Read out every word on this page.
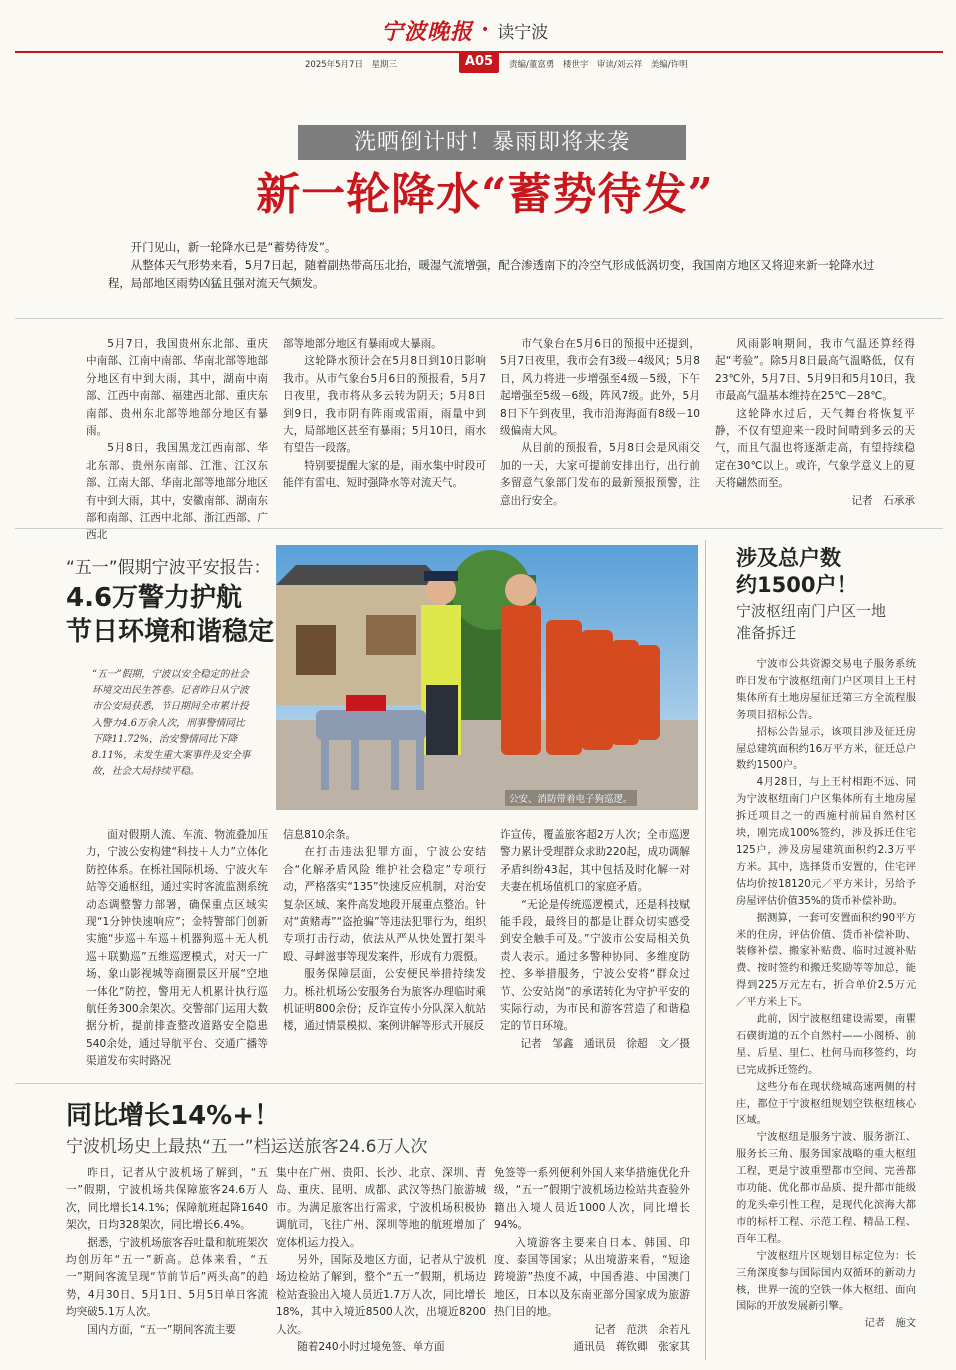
宁波晚报 • 读宁波
2025年5月7日　星期三	A05	责编/董富勇　楼世宇　审读/刘云祥　美编/许明
洗晒倒计时！暴雨即将来袭
新一轮降水“蓄势待发”

开门见山，新一轮降水已是“蓄势待发”。

从整体天气形势来看，5月7日起，随着副热带高压北抬，暖湿气流增强，配合渗透南下的冷空气形成低涡切变，我国南方地区又将迎来新一轮降水过程，局部地区雨势凶猛且强对流天气频发。

5月7日，我国贵州东北部、重庆中南部、江南中南部、华南北部等地部分地区有中到大雨，其中，湖南中南部、江西中南部、福建西北部、重庆东南部、贵州东北部等地部分地区有暴雨。

5月8日，我国黑龙江西南部、华北东部、贵州东南部、江淮、江汉东部、江南大部、华南北部等地部分地区有中到大雨，其中，安徽南部、湖南东部和南部、江西中北部、浙江西部、广西北

部等地部分地区有暴雨或大暴雨。

这轮降水预计会在5月8日到10日影响我市。从市气象台5月6日的预报看，5月7日夜里，我市将从多云转为阴天；5月8日到9日，我市阴有阵雨或雷雨，雨量中到大，局部地区甚至有暴雨；5月10日，雨水有望告一段落。

特别要提醒大家的是，雨水集中时段可能伴有雷电、短时强降水等对流天气。

市气象台在5月6日的预报中还提到，5月7日夜里，我市会有3级－4级风；5月8日，风力将进一步增强至4级－5级，下午起增强至5级－6级，阵风7级。此外，5月8日下午到夜里，我市沿海海面有8级－10级偏南大风。

从目前的预报看，5月8日会是风雨交加的一天，大家可提前安排出行，出行前多留意气象部门发布的最新预报预警，注意出行安全。

风雨影响期间，我市气温还算经得起“考验”。除5月8日最高气温略低，仅有23℃外，5月7日、5月9日和5月10日，我市最高气温基本维持在25℃－28℃。

这轮降水过后，天气舞台将恢复平静，不仅有望迎来一段时间晴到多云的天气，而且气温也将逐渐走高，有望持续稳定在30℃以上。或许，气象学意义上的夏天将翩然而至。

记者　石承承
“五一”假期宁波平安报告：
4.6万警力护航
节日环境和谐稳定
“五一”假期，宁波以安全稳定的社会环境交出民生答卷。记者昨日从宁波市公安局获悉，节日期间全市累计投入警力4.6万余人次，刑事警情同比下降11.72%，治安警情同比下降8.11%，未发生重大案事件及安全事故，社会大局持续平稳。
公安、消防带着电子狗巡逻。

面对假期人流、车流、物流叠加压力，宁波公安构建“科技＋人力”立体化防控体系。在栎社国际机场、宁波火车站等交通枢纽，通过实时客流监测系统动态调整警力部署，确保重点区域实现“1分钟快速响应”；金特警部门创新实施“步巡＋车巡＋机器狗巡＋无人机巡＋联勤巡”五维巡逻模式，对天一广场、象山影视城等商圈景区开展“空地一体化”防控，警用无人机累计执行巡航任务300余架次。交警部门运用大数据分析，提前排查整改道路安全隐患540余处，通过导航平台、交通广播等渠道发布实时路况

信息810余条。

在打击违法犯罪方面，宁波公安结合“化解矛盾风险 维护社会稳定”专项行动，严格落实“135”快速反应机制，对治安复杂区域、案件高发地段开展重点整治。针对“黄赌毒”“盗抢骗”等违法犯罪行为，组织专项打击行动，依法从严从快处置打架斗殴、寻衅滋事等现发案件，形成有力震慑。

服务保障层面，公安便民举措持续发力。栎社机场公安服务台为旅客办理临时乘机证明800余份；反诈宣传小分队深入航站楼，通过情景模拟、案例讲解等形式开展反

诈宣传，覆盖旅客超2万人次；全市巡逻警力累计受理群众求助220起，成功调解矛盾纠纷43起，其中包括及时化解一对夫妻在机场值机口的家庭矛盾。

“无论是传统巡逻模式，还是科技赋能手段，最终目的都是让群众切实感受到安全触手可及。”宁波市公安局相关负责人表示。通过多警种协同、多维度防控、多举措服务，宁波公安将“群众过节、公安站岗”的承诺转化为守护平安的实际行动，为市民和游客营造了和谐稳定的节日环境。

记者　邹鑫　通讯员　徐超　文／摄
同比增长14%+！
宁波机场史上最热“五一”档运送旅客24.6万人次

昨日，记者从宁波机场了解到，“五一”假期，宁波机场共保障旅客24.6万人次，同比增长14.1%；保障航班起降1640架次，日均328架次，同比增长6.4%。

据悉，宁波机场旅客吞吐量和航班架次均创历年“五一”新高。总体来看，“五一”期间客流呈现“节前节后”两头高”的趋势，4月30日、5月1日、5月5日单日客流均突破5.1万人次。

国内方面，“五一”期间客流主要

集中在广州、贵阳、长沙、北京、深圳、青岛、重庆、昆明、成都、武汉等热门旅游城市。为满足旅客出行需求，宁波机场积极协调航司，飞往广州、深圳等地的航班增加了宽体机运力投入。

另外，国际及地区方面，记者从宁波机场边检站了解到，整个“五一”假期，机场边检站查验出入境人员近1.7万人次，同比增长18%，其中入境近8500人次，出境近8200人次。

随着240小时过境免签、单方面

免签等一系列便利外国人来华措施优化升级，“五一”假期宁波机场边检站共查验外籍出入境人员近1000人次，同比增长94%。

入境游客主要来自日本、韩国、印度、泰国等国家；从出境游来看，“短途跨境游”热度不减，中国香港、中国澳门地区，日本以及东南亚部分国家成为旅游热门目的地。

记者　范洪　余若凡
通讯员　蒋钦卿　张家其
涉及总户数
约1500户！
宁波枢纽南门户区一地
准备拆迁

宁波市公共资源交易电子服务系统昨日发布宁波枢纽南门户区项目上王村集体所有土地房屋征迁第三方全流程服务项目招标公告。

招标公告显示，该项目涉及征迁房屋总建筑面积约16万平方米，征迁总户数约1500户。

4月28日，与上王村相距不远、同为宁波枢纽南门户区集体所有土地房屋拆迁项目之一的西施村前届自然村区块，刚完成100%签约，涉及拆迁住宅125户，涉及房屋建筑面积约2.3万平方米。其中，选择货币安置的，住宅评估均价按18120元／平方米计，另给予房屋评估价值35%的货币补偿补助。

据测算，一套可安置面积约90平方米的住房，评估价值、货币补偿补助、装修补偿、搬家补贴费、临时过渡补贴费、按时签约和搬迁奖励等等加总，能得到225万元左右，折合单价2.5万元／平方米上下。

此前，因宁波枢纽建设需要，南瞿石碶街道的五个自然村——小阁桥、前星、后星、里仁、杜何马而移签约，均已完成拆迁签约。

这些分布在现状绕城高速两侧的村庄，都位于宁波枢纽规划空铁枢纽核心区域。

宁波枢纽是服务宁波、服务浙江、服务长三角、服务国家战略的重大枢纽工程，更是宁波重塑都市空间、完善都市功能、优化都市品质、提升都市能级的龙头牵引性工程，是现代化滨海大都市的标杆工程、示范工程、精品工程、百年工程。

宁波枢纽片区规划目标定位为：长三角深度参与国际国内双循环的新动力核，世界一流的空铁一体大枢纽、面向国际的开放发展新引擎。

记者　施文
